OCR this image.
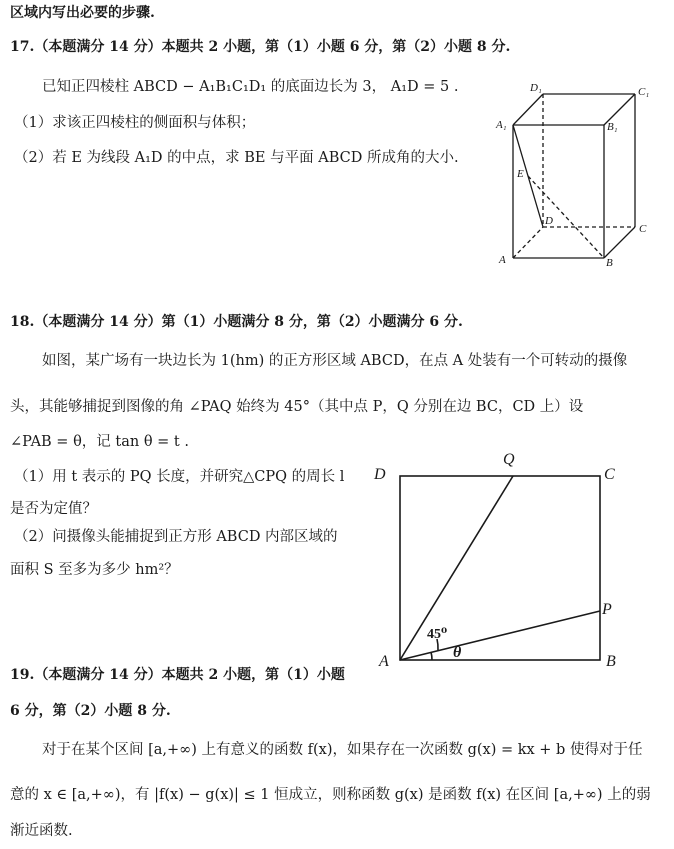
区域内写出必要的步骤.
17.（本题满分 14 分）本题共 2 小题，第（1）小题 6 分，第（2）小题 8 分.
已知正四棱柱 ABCD − A₁B₁C₁D₁ 的底面边长为 3， A₁D = 5 .
（1）求该正四棱柱的侧面积与体积；
（2）若 E 为线段 A₁D 的中点，求 BE 与平面 ABCD 所成角的大小.
D₁	C₁
A₁	B₁
E
D
C
A	B
18.（本题满分 14 分）第（1）小题满分 8 分，第（2）小题满分 6 分.
如图，某广场有一块边长为 1(hm) 的正方形区域 ABCD，在点 A 处装有一个可转动的摄像
头，其能够捕捉到图像的角 ∠PAQ 始终为 45°（其中点 P，Q 分别在边 BC，CD 上）设
∠PAB = θ，记 tan θ = t .
（1）用 t 表示的 PQ 长度，并研究△CPQ 的周长 l
是否为定值？
（2）问摄像头能捕捉到正方形 ABCD 内部区域的
面积 S 至多为多少 hm²？
D
Q
C
P
A	B
45⁰
θ
19.（本题满分 14 分）本题共 2 小题，第（1）小题
6 分，第（2）小题 8 分.
对于在某个区间 [a,+∞) 上有意义的函数 f(x)，如果存在一次函数 g(x) = kx + b 使得对于任
意的 x ∈ [a,+∞)，有 |f(x) − g(x)| ≤ 1 恒成立，则称函数 g(x) 是函数 f(x) 在区间 [a,+∞) 上的弱
渐近函数.
